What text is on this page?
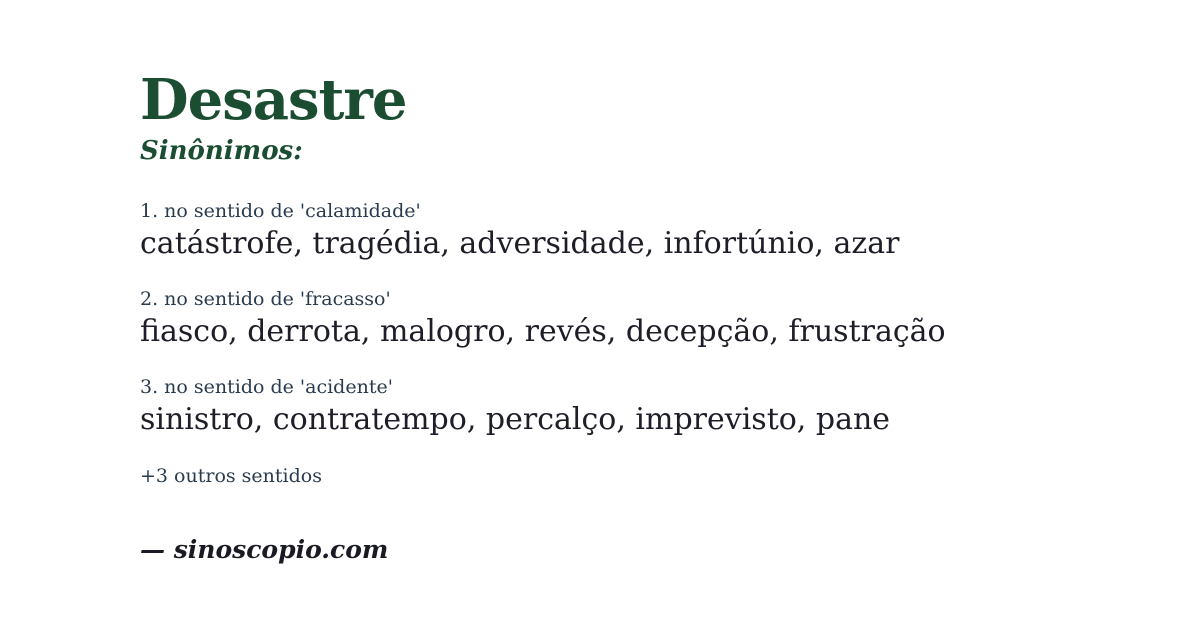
Desastre
Sinônimos:
1. no sentido de 'calamidade'
catástrofe, tragédia, adversidade, infortúnio, azar
2. no sentido de 'fracasso'
fiasco, derrota, malogro, revés, decepção, frustração
3. no sentido de 'acidente'
sinistro, contratempo, percalço, imprevisto, pane
+3 outros sentidos
— sinoscopio.com
